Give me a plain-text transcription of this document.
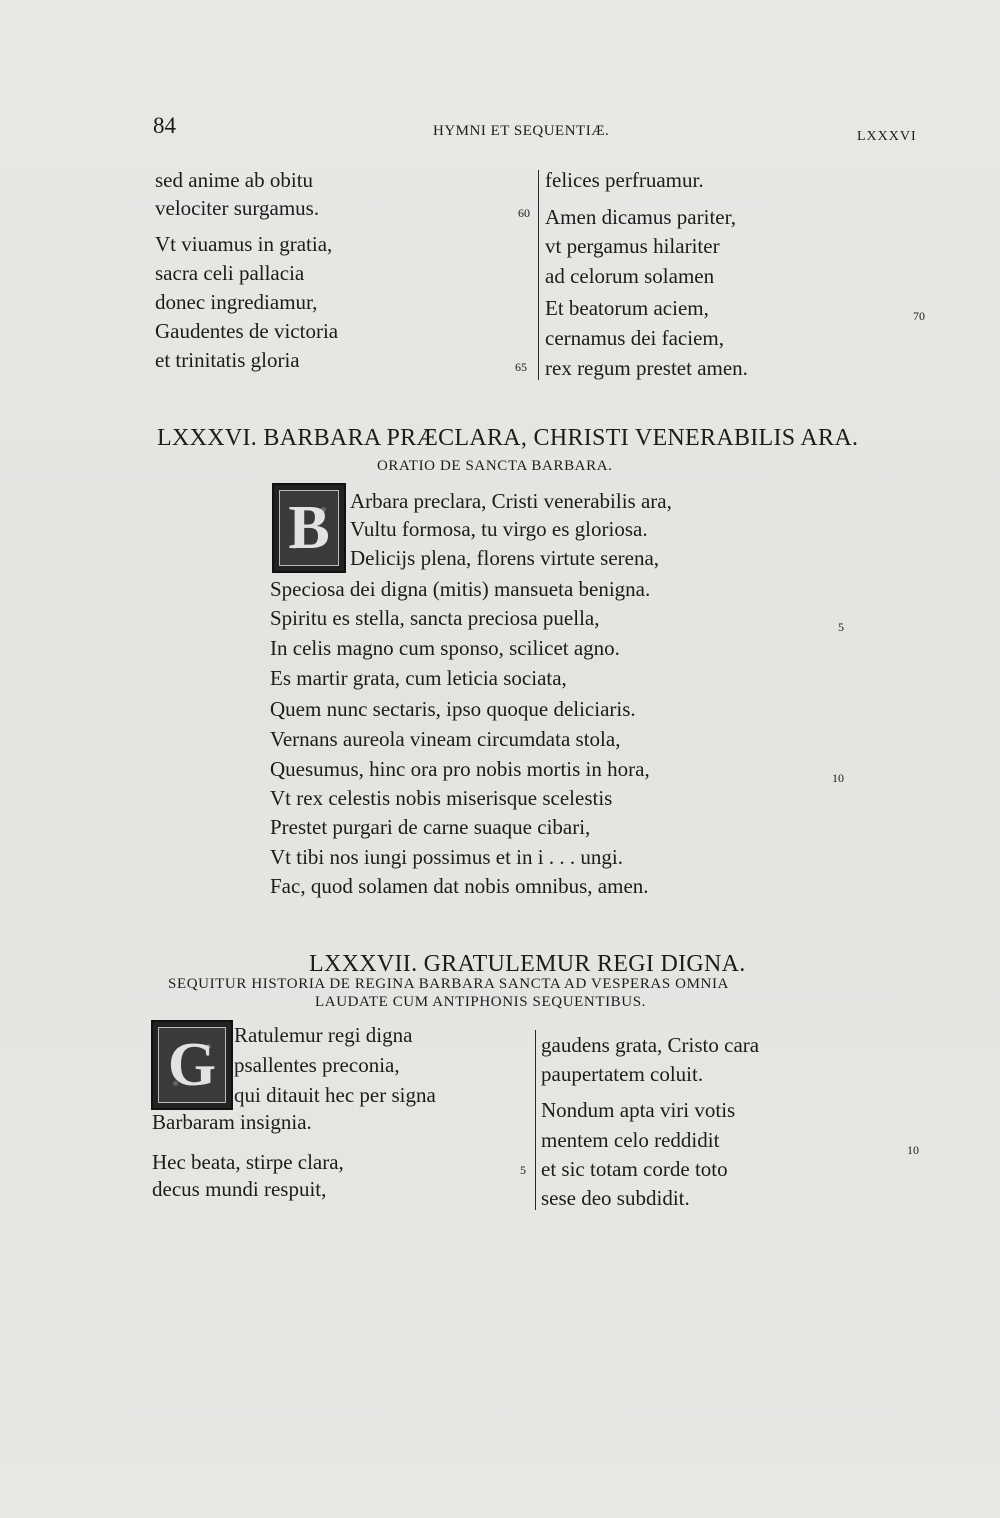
84	HYMNI ET SEQUENTIÆ.	LXXXVI
sed anime ab obitu
velociter surgamus.
Vt viuamus in gratia,
sacra celi pallacia
donec ingrediamur,
Gaudentes de victoria
et trinitatis gloria
60
65
felices perfruamur.
Amen dicamus pariter,
vt pergamus hilariter
ad celorum solamen
Et beatorum aciem,
cernamus dei faciem,
rex regum prestet amen.
70
LXXXVI. BARBARA PRÆCLARA, CHRISTI VENERABILIS ARA.
ORATIO DE SANCTA BARBARA.
B Arbara preclara, Cristi venerabilis ara,
Vultu formosa, tu virgo es gloriosa.
Delicijs plena, florens virtute serena,
Speciosa dei digna (mitis) mansueta benigna.
Spiritu es stella, sancta preciosa puella,
In celis magno cum sponso, scilicet agno.
Es martir grata, cum leticia sociata,
Quem nunc sectaris, ipso quoque deliciaris.
Vernans aureola vineam circumdata stola,
Quesumus, hinc ora pro nobis mortis in hora,
Vt rex celestis nobis miserisque scelestis
Prestet purgari de carne suaque cibari,
Vt tibi nos iungi possimus et in i . . . ungi.
Fac, quod solamen dat nobis omnibus, amen.
5
10
LXXXVII. GRATULEMUR REGI DIGNA.
SEQUITUR HISTORIA DE REGINA BARBARA SANCTA AD VESPERAS OMNIA
LAUDATE CUM ANTIPHONIS SEQUENTIBUS.
G Ratulemur regi digna
psallentes preconia,
qui ditauit hec per signa
Barbaram insignia.
Hec beata, stirpe clara,
decus mundi respuit,
5
gaudens grata, Cristo cara
paupertatem coluit.
Nondum apta viri votis
mentem celo reddidit
et sic totam corde toto
sese deo subdidit.
10
